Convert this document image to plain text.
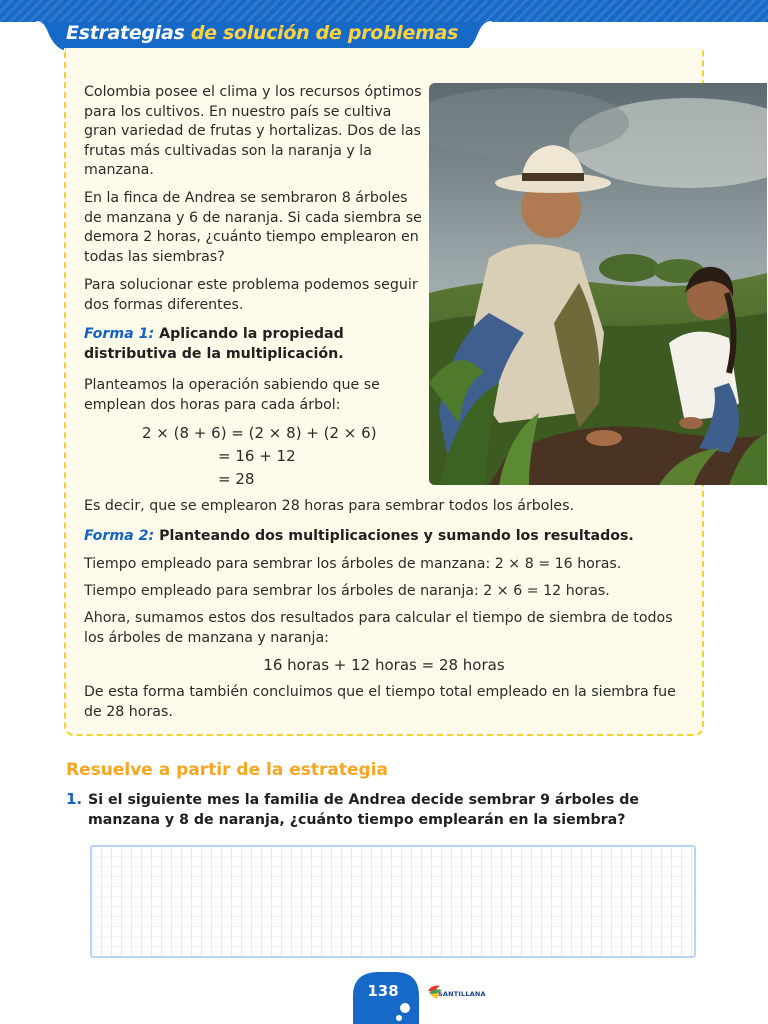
Estrategias de solución de problemas

Colombia posee el clima y los recursos óptimos para los cultivos. En nuestro país se cultiva gran variedad de frutas y hortalizas. Dos de las frutas más cultivadas son la naranja y la manzana.

En la finca de Andrea se sembraron 8 árboles de manzana y 6 de naranja. Si cada siembra se demora 2 horas, ¿cuánto tiempo emplearon en todas las siembras?

Para solucionar este problema podemos seguir dos formas diferentes.

Forma 1: Aplicando la propiedad distributiva de la multiplicación.

Planteamos la operación sabiendo que se emplean dos horas para cada árbol:

2 × (8 + 6) = (2 × 8) + (2 × 6)
= 16 + 12
= 28

Es decir, que se emplearon 28 horas para sembrar todos los árboles.

Forma 2: Planteando dos multiplicaciones y sumando los resultados.

Tiempo empleado para sembrar los árboles de manzana: 2 × 8 = 16 horas.

Tiempo empleado para sembrar los árboles de naranja: 2 × 6 = 12 horas.

Ahora, sumamos estos dos resultados para calcular el tiempo de siembra de todos los árboles de manzana y naranja:

16 horas + 12 horas = 28 horas

De esta forma también concluimos que el tiempo total empleado en la siembra fue de 28 horas.

Resuelve a partir de la estrategia
1. Si el siguiente mes la familia de Andrea decide sembrar 9 árboles de manzana y 8 de naranja, ¿cuánto tiempo emplearán en la siembra?
138	SANTILLANA
